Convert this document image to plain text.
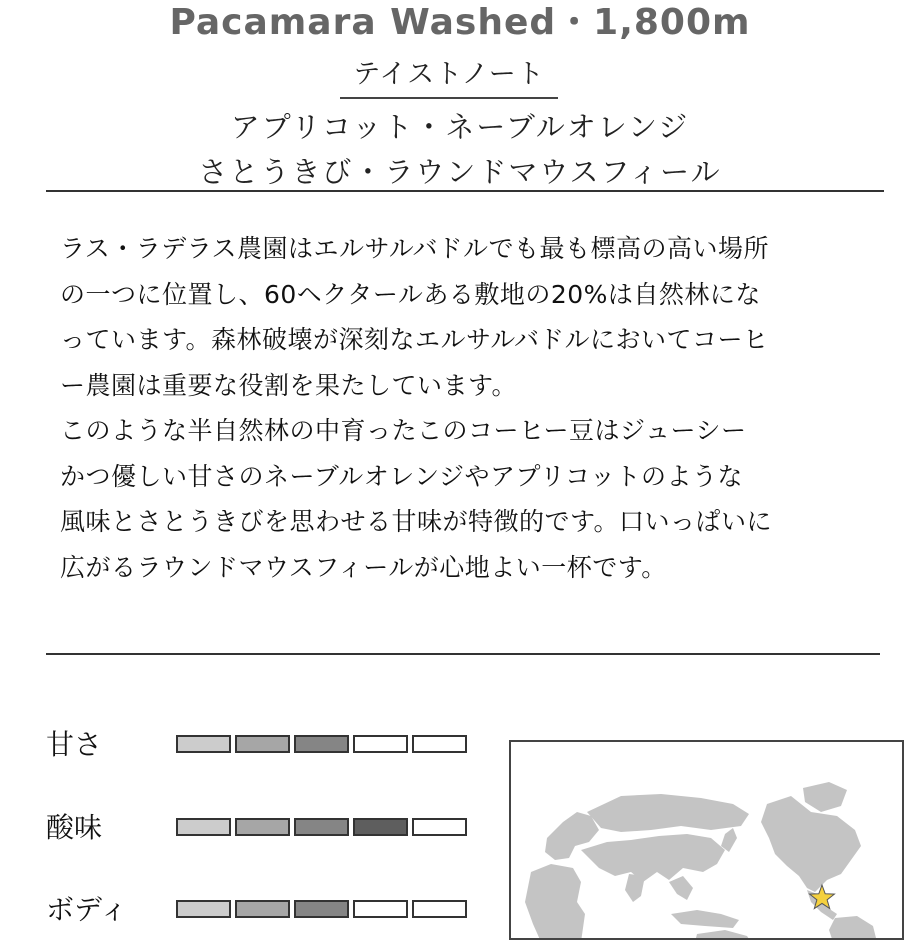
Pacamara Washed・1,800m
テイストノート
アプリコット・ネーブルオレンジ
さとうきび・ラウンドマウスフィール

ラス・ラデラス農園はエルサルバドルでも最も標高の高い場所

の一つに位置し、60ヘクタールある敷地の20%は自然林にな

っています。森林破壊が深刻なエルサルバドルにおいてコーヒ

ー農園は重要な役割を果たしています。

このような半自然林の中育ったこのコーヒー豆はジューシー

かつ優しい甘さのネーブルオレンジやアプリコットのような

風味とさとうきびを思わせる甘味が特徴的です。口いっぱいに

広がるラウンドマウスフィールが心地よい一杯です。

甘さ
酸味
ボディ
